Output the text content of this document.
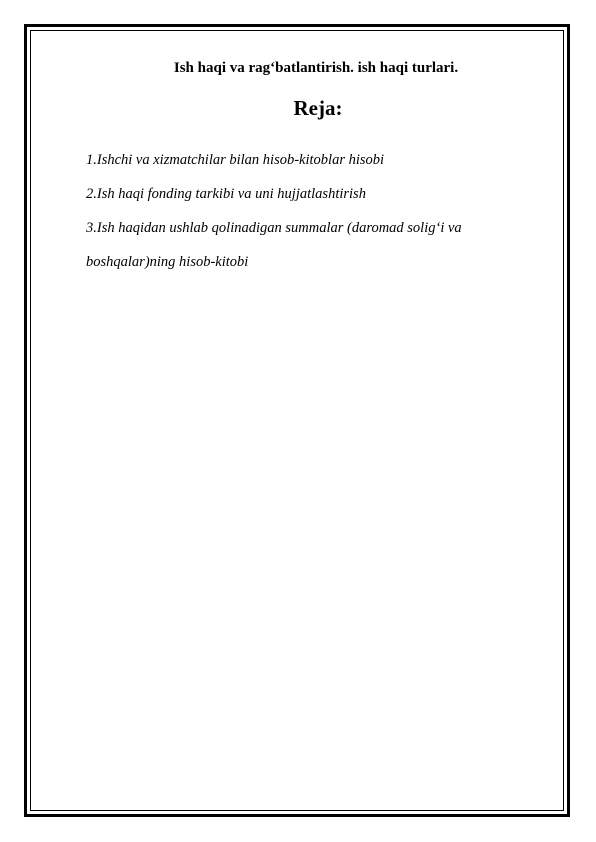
Ish haqi va rag‘batlantirish. ish haqi turlari.
Reja:
1.Ishchi va xizmatchilar bilan hisob-kitoblar hisobi
2.Ish haqi fonding tarkibi va uni hujjatlashtirish
3.Ish haqidan ushlab qolinadigan summalar (daromad solig‘i va
boshqalar)ning hisob-kitobi
